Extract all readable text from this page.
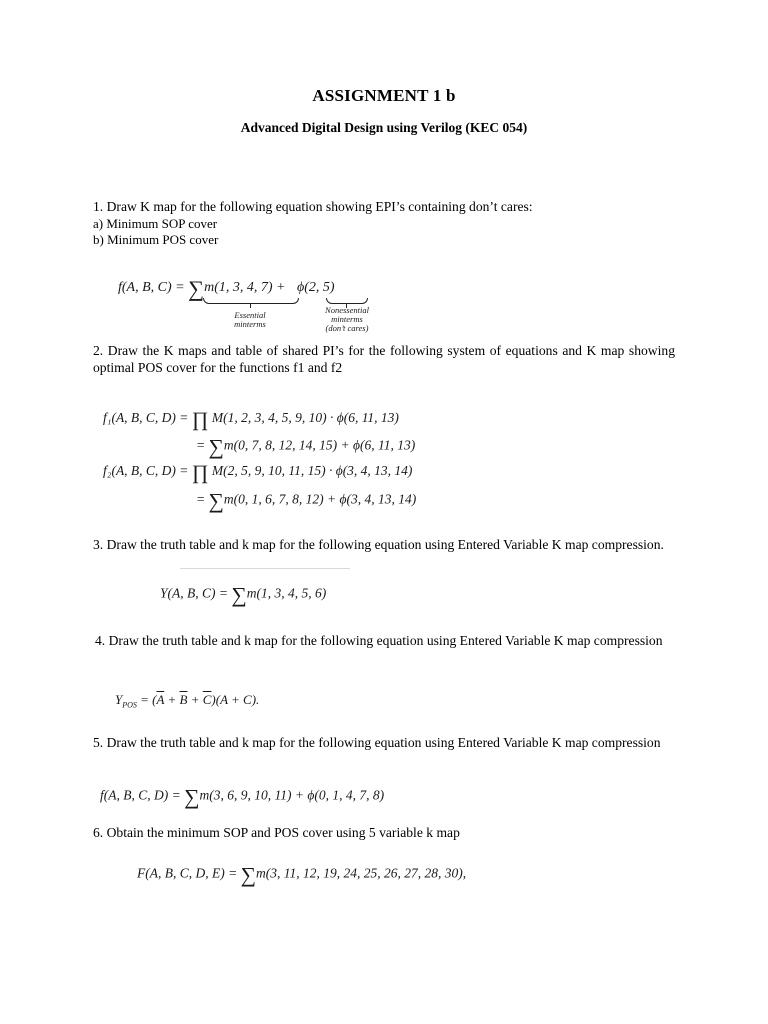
ASSIGNMENT 1 b
Advanced Digital Design using Verilog (KEC 054)
1. Draw K map for the following equation showing EPI’s containing don’t cares:
a) Minimum SOP cover
b) Minimum POS cover
f(A, B, C) = ∑m(1, 3, 4, 7) + ϕ(2, 5)
Essential
minterms
Nonessential
minterms
(don’t cares)
2. Draw the K maps and table of shared PI’s for the following system of equations and K map showing optimal POS cover for the functions f1 and f2
f₁(A, B, C, D) = ∏ M(1, 2, 3, 4, 5, 9, 10) · ϕ(6, 11, 13)
= ∑m(0, 7, 8, 12, 14, 15) + ϕ(6, 11, 13)
f₂(A, B, C, D) = ∏ M(2, 5, 9, 10, 11, 15) · ϕ(3, 4, 13, 14)
= ∑m(0, 1, 6, 7, 8, 12) + ϕ(3, 4, 13, 14)
3. Draw the truth table and k map for the following equation using Entered Variable K map compression.
Y(A, B, C) = ∑m(1, 3, 4, 5, 6)
4. Draw the truth table and k map for the following equation using Entered Variable K map compression
$Y_{POS} = (\overline{A} + \overline{B} + \overline{C})(A + C)$.
5. Draw the truth table and k map for the following equation using Entered Variable K map compression
f(A, B, C, D) = ∑m(3, 6, 9, 10, 11) + ϕ(0, 1, 4, 7, 8)
6. Obtain the minimum SOP and POS cover using 5 variable k map
F(A, B, C, D, E) = ∑m(3, 11, 12, 19, 24, 25, 26, 27, 28, 30),
